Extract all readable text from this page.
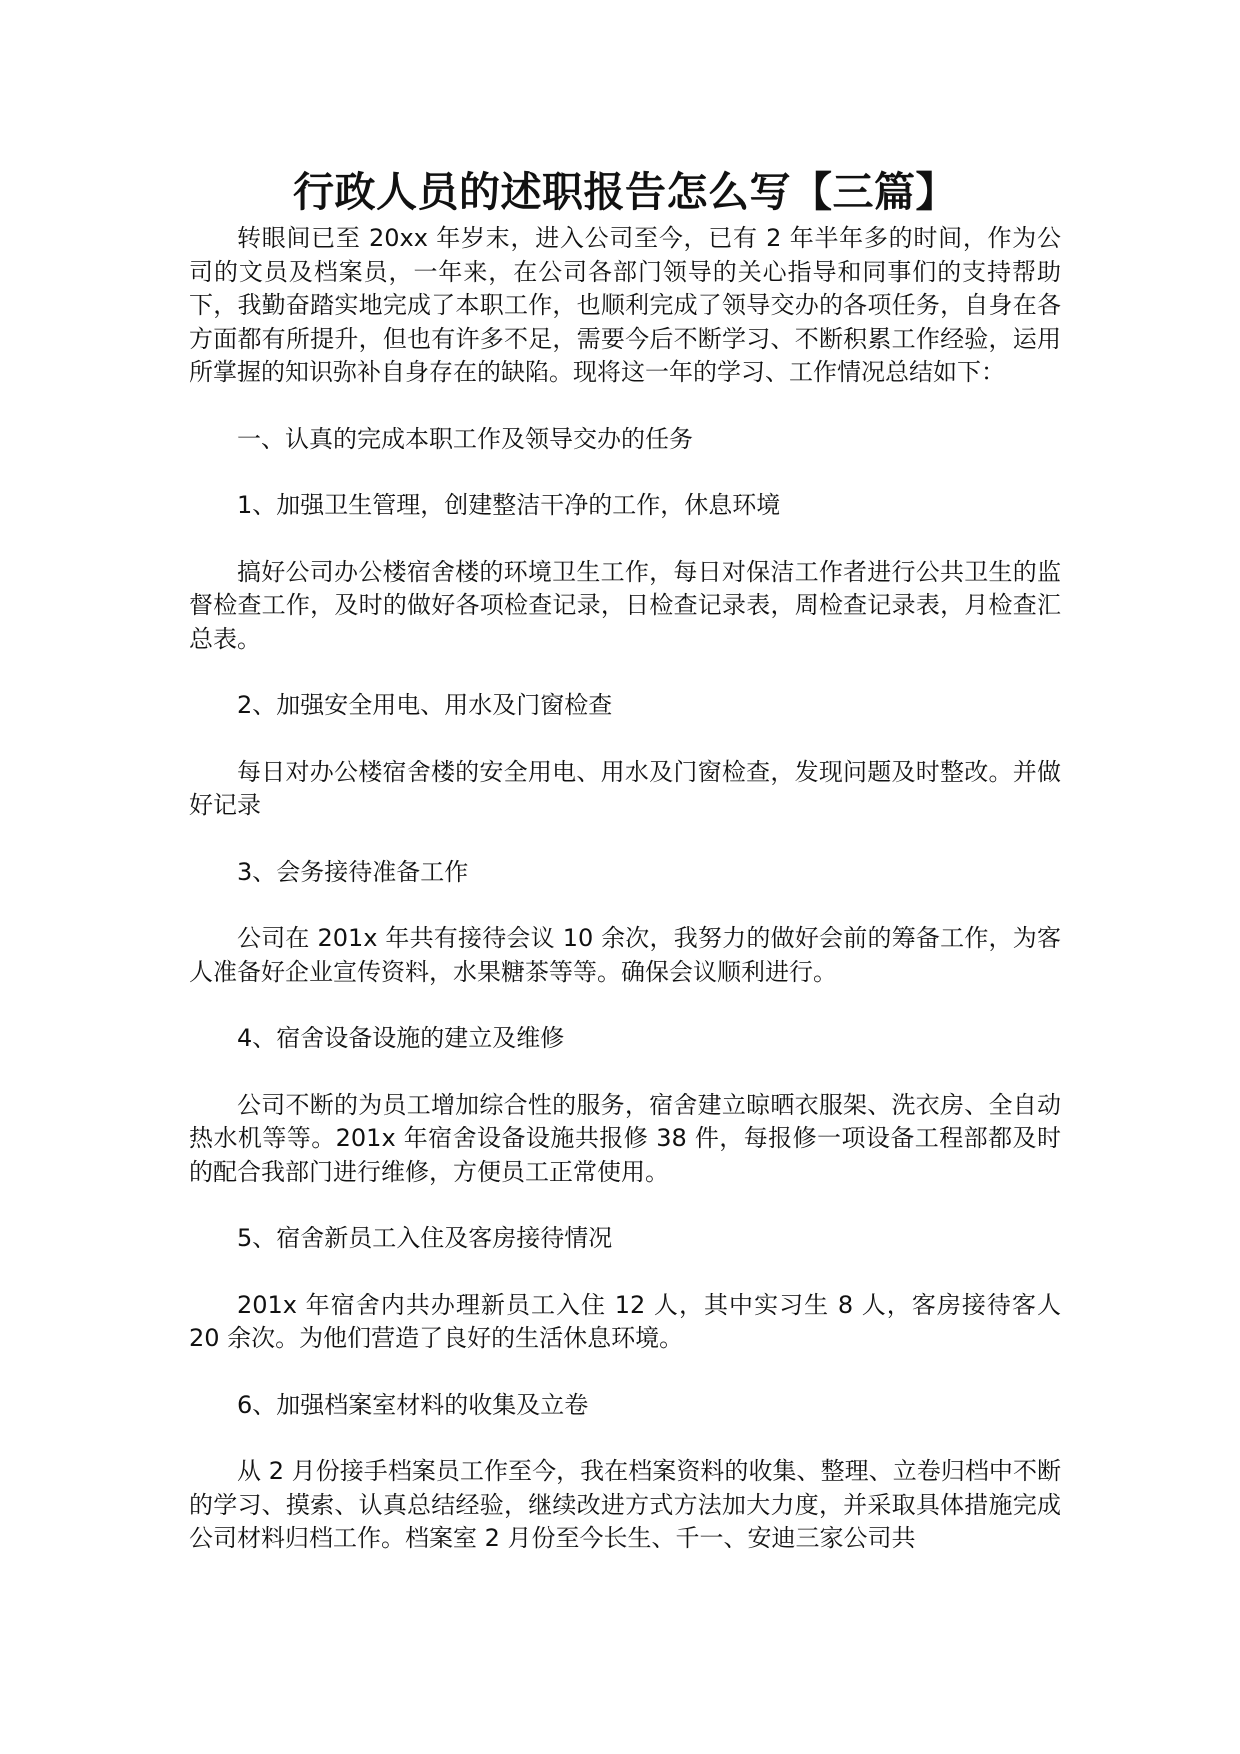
行政人员的述职报告怎么写【三篇】

转眼间已至 20xx 年岁末，进入公司至今，已有 2 年半年多的时间，作为公司的文员及档案员，一年来，在公司各部门领导的关心指导和同事们的支持帮助下，我勤奋踏实地完成了本职工作，也顺利完成了领导交办的各项任务，自身在各方面都有所提升，但也有许多不足，需要今后不断学习、不断积累工作经验，运用所掌握的知识弥补自身存在的缺陷。现将这一年的学习、工作情况总结如下：

一、认真的完成本职工作及领导交办的任务

1、加强卫生管理，创建整洁干净的工作，休息环境

搞好公司办公楼宿舍楼的环境卫生工作，每日对保洁工作者进行公共卫生的监督检查工作，及时的做好各项检查记录，日检查记录表，周检查记录表，月检查汇总表。

2、加强安全用电、用水及门窗检查

每日对办公楼宿舍楼的安全用电、用水及门窗检查，发现问题及时整改。并做好记录

3、会务接待准备工作

公司在 201x 年共有接待会议 10 余次，我努力的做好会前的筹备工作，为客人准备好企业宣传资料，水果糖茶等等。确保会议顺利进行。

4、宿舍设备设施的建立及维修

公司不断的为员工增加综合性的服务，宿舍建立晾晒衣服架、洗衣房、全自动热水机等等。201x 年宿舍设备设施共报修 38 件，每报修一项设备工程部都及时的配合我部门进行维修，方便员工正常使用。

5、宿舍新员工入住及客房接待情况

201x 年宿舍内共办理新员工入住 12 人，其中实习生 8 人，客房接待客人 20 余次。为他们营造了良好的生活休息环境。

6、加强档案室材料的收集及立卷

从 2 月份接手档案员工作至今，我在档案资料的收集、整理、立卷归档中不断的学习、摸索、认真总结经验，继续改进方式方法加大力度，并采取具体措施完成公司材料归档工作。档案室 2 月份至今长生、千一、安迪三家公司共
